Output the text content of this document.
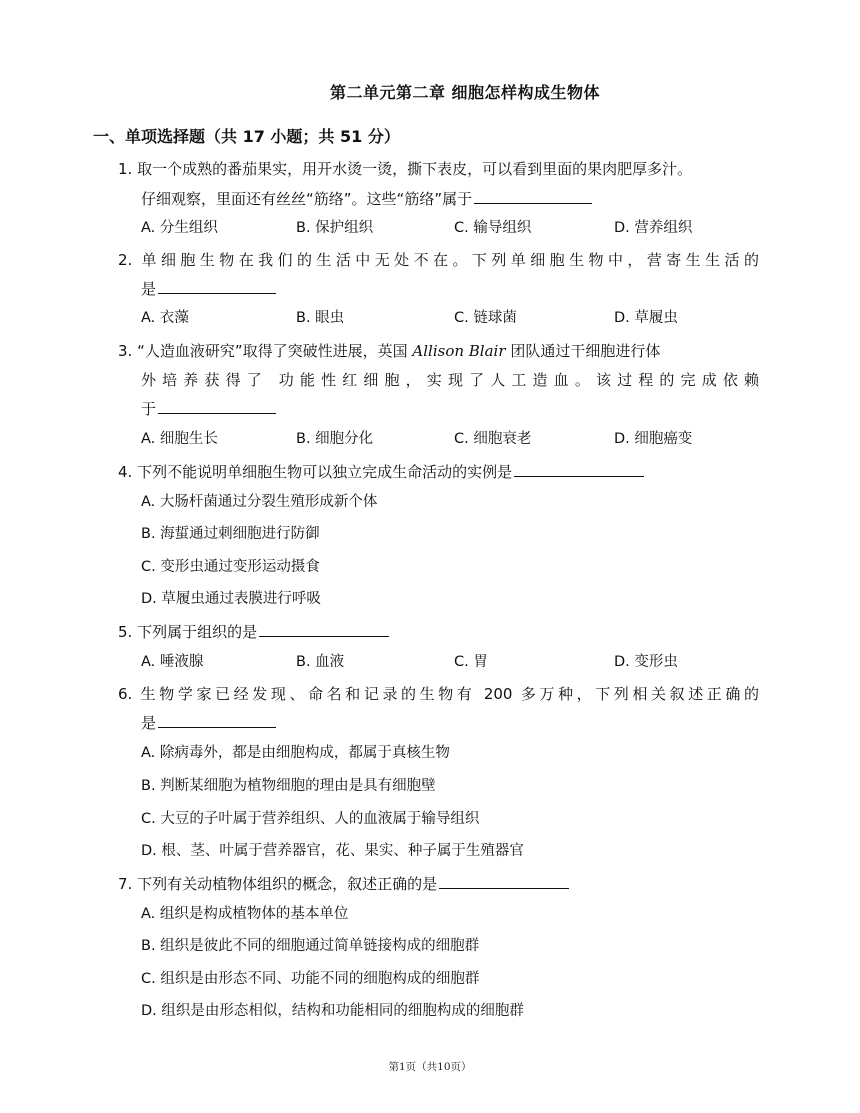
第二单元第二章 细胞怎样构成生物体
一、单项选择题（共 17 小题；共 51 分）
1. 取一个成熟的番茄果实，用开水烫一烫，撕下表皮，可以看到里面的果肉肥厚多汁。
仔细观察，里面还有丝丝“筋络”。这些“筋络”属于
A. 分生组织	B. 保护组织	C. 输导组织	D. 营养组织
2. 单细胞生物在我们的生活中无处不在。下列单细胞生物中，营寄生生活的
是
A. 衣藻	B. 眼虫	C. 链球菌	D. 草履虫
3. “人造血液研究”取得了突破性进展，英国 Allison Blair 团队通过干细胞进行体
外培养获得了 功能性红细胞，实现了人工造血。该过程的完成依赖
于
A. 细胞生长	B. 细胞分化	C. 细胞衰老	D. 细胞癌变
4. 下列不能说明单细胞生物可以独立完成生命活动的实例是
A. 大肠杆菌通过分裂生殖形成新个体
B. 海蜇通过刺细胞进行防御
C. 变形虫通过变形运动摄食
D. 草履虫通过表膜进行呼吸
5. 下列属于组织的是
A. 唾液腺	B. 血液	C. 胃	D. 变形虫
6. 生物学家已经发现、命名和记录的生物有 200 多万种，下列相关叙述正确的
是
A. 除病毒外，都是由细胞构成，都属于真核生物
B. 判断某细胞为植物细胞的理由是具有细胞壁
C. 大豆的子叶属于营养组织、人的血液属于输导组织
D. 根、茎、叶属于营养器官，花、果实、种子属于生殖器官
7. 下列有关动植物体组织的概念，叙述正确的是
A. 组织是构成植物体的基本单位
B. 组织是彼此不同的细胞通过简单链接构成的细胞群
C. 组织是由形态不同、功能不同的细胞构成的细胞群
D. 组织是由形态相似，结构和功能相同的细胞构成的细胞群
第1页（共10页）
